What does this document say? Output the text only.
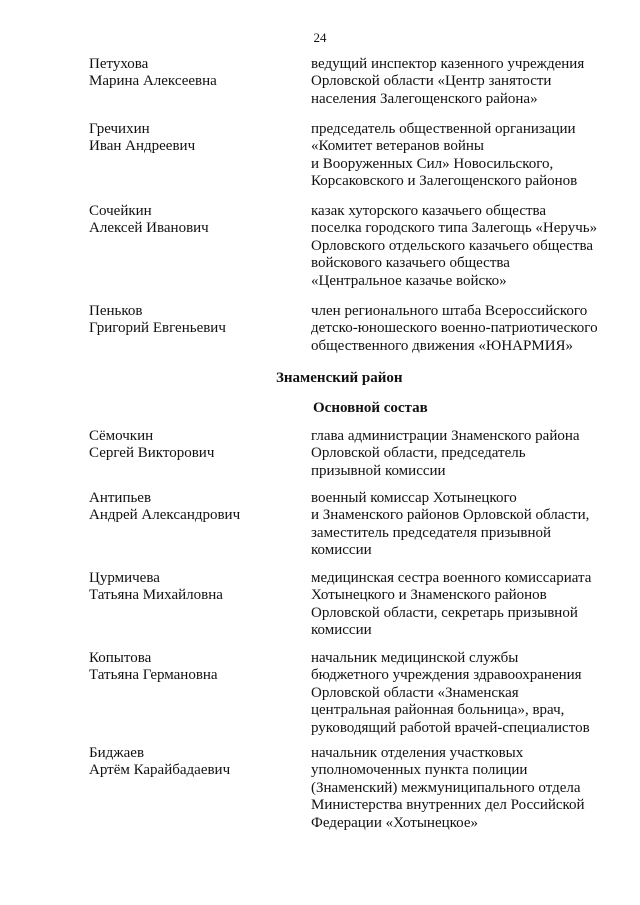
24
Петухова
Марина Алексеевна
ведущий инспектор казенного учреждения
Орловской области «Центр занятости
населения Залегощенского района»
Гречихин
Иван Андреевич
председатель общественной организации
«Комитет ветеранов войны
и Вооруженных Сил» Новосильского,
Корсаковского и Залегощенского районов
Сочейкин
Алексей Иванович
казак хуторского казачьего общества
поселка городского типа Залегощь «Неручь»
Орловского отдельского казачьего общества
войскового казачьего общества
«Центральное казачье войско»
Пеньков
Григорий Евгеньевич
член регионального штаба Всероссийского
детско-юношеского военно-патриотического
общественного движения «ЮНАРМИЯ»
Знаменский район
Основной состав
Сёмочкин
Сергей Викторович
глава администрации Знаменского района
Орловской области, председатель
призывной комиссии
Антипьев
Андрей Александрович
военный комиссар Хотынецкого
и Знаменского районов Орловской области,
заместитель председателя призывной
комиссии
Цурмичева
Татьяна Михайловна
медицинская сестра военного комиссариата
Хотынецкого и Знаменского районов
Орловской области, секретарь призывной
комиссии
Копытова
Татьяна Германовна
начальник медицинской службы
бюджетного учреждения здравоохранения
Орловской области «Знаменская
центральная районная больница», врач,
руководящий работой врачей-специалистов
Биджаев
Артём Карайбадаевич
начальник отделения участковых
уполномоченных пункта полиции
(Знаменский) межмуниципального отдела
Министерства внутренних дел Российской
Федерации «Хотынецкое»
